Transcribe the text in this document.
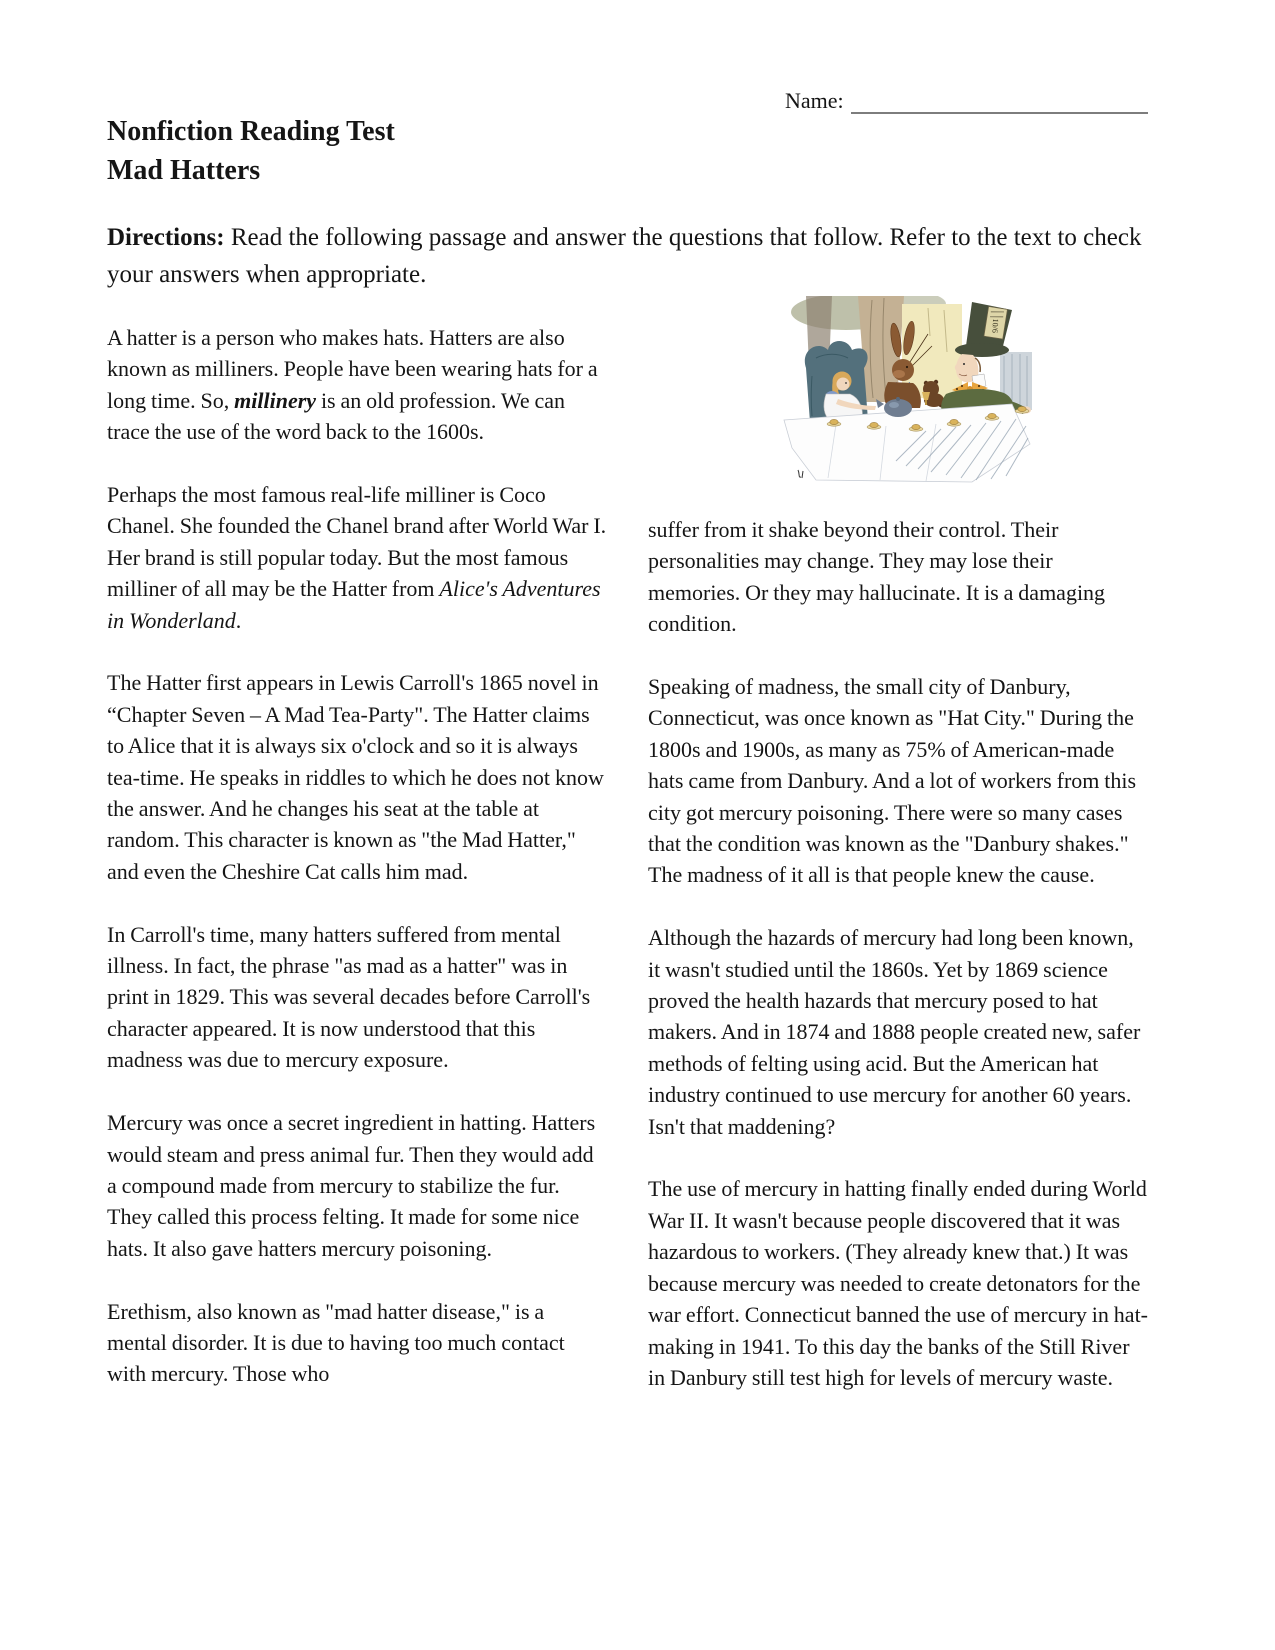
Name:
Nonfiction Reading Test
Mad Hatters

Directions: Read the following passage and answer the questions that follow. Refer to the text to check your answers when appropriate.

10/6

A hatter is a person who makes hats. Hatters are also known as milliners. People have been wearing hats for a long time. So, millinery is an old profession. We can trace the use of the word back to the 1600s.

Perhaps the most famous real-life milliner is Coco Chanel. She founded the Chanel brand after World War I. Her brand is still popular today. But the most famous milliner of all may be the Hatter from Alice's Adventures in Wonderland.

The Hatter first appears in Lewis Carroll's 1865 novel in “Chapter Seven – A Mad Tea-Party". The Hatter claims to Alice that it is always six o'clock and so it is always tea-time. He speaks in riddles to which he does not know the answer. And he changes his seat at the table at random. This character is known as "the Mad Hatter," and even the Cheshire Cat calls him mad.

In Carroll's time, many hatters suffered from mental illness. In fact, the phrase "as mad as a hatter" was in print in 1829. This was several decades before Carroll's character appeared. It is now understood that this madness was due to mercury exposure.

Mercury was once a secret ingredient in hatting. Hatters would steam and press animal fur. Then they would add a compound made from mercury to stabilize the fur. They called this process felting. It made for some nice hats. It also gave hatters mercury poisoning.

Erethism, also known as "mad hatter disease," is a mental disorder. It is due to having too much contact with mercury. Those who

suffer from it shake beyond their control. Their personalities may change. They may lose their memories. Or they may hallucinate. It is a damaging condition.

Speaking of madness, the small city of Danbury, Connecticut, was once known as "Hat City." During the 1800s and 1900s, as many as 75% of American-made hats came from Danbury. And a lot of workers from this city got mercury poisoning. There were so many cases that the condition was known as the "Danbury shakes." The madness of it all is that people knew the cause.

Although the hazards of mercury had long been known, it wasn't studied until the 1860s. Yet by 1869 science proved the health hazards that mercury posed to hat makers. And in 1874 and 1888 people created new, safer methods of felting using acid. But the American hat industry continued to use mercury for another 60 years. Isn't that maddening?

The use of mercury in hatting finally ended during World War II. It wasn't because people discovered that it was hazardous to workers. (They already knew that.) It was because mercury was needed to create detonators for the war effort. Connecticut banned the use of mercury in hat-making in 1941. To this day the banks of the Still River in Danbury still test high for levels of mercury waste.
